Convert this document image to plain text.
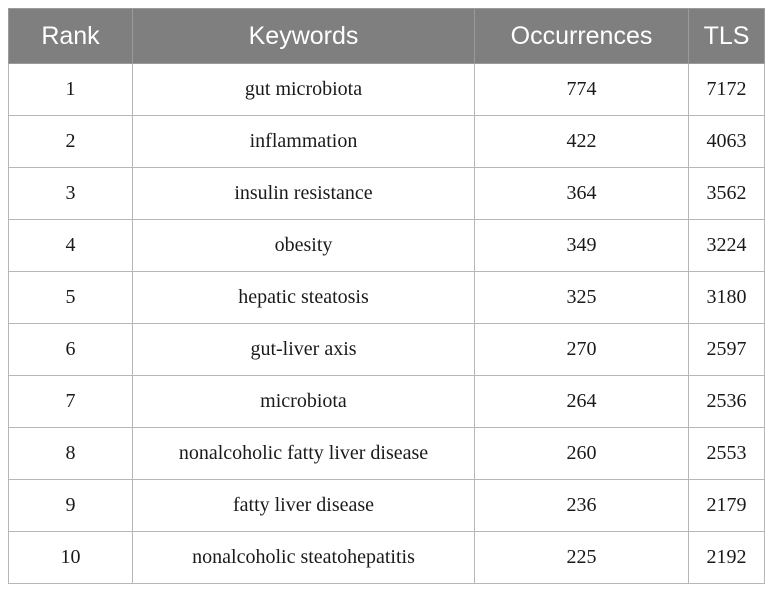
Rank	Keywords	Occurrences	TLS
1	gut microbiota	774	7172
2	inflammation	422	4063
3	insulin resistance	364	3562
4	obesity	349	3224
5	hepatic steatosis	325	3180
6	gut-liver axis	270	2597
7	microbiota	264	2536
8	nonalcoholic fatty liver disease	260	2553
9	fatty liver disease	236	2179
10	nonalcoholic steatohepatitis	225	2192
